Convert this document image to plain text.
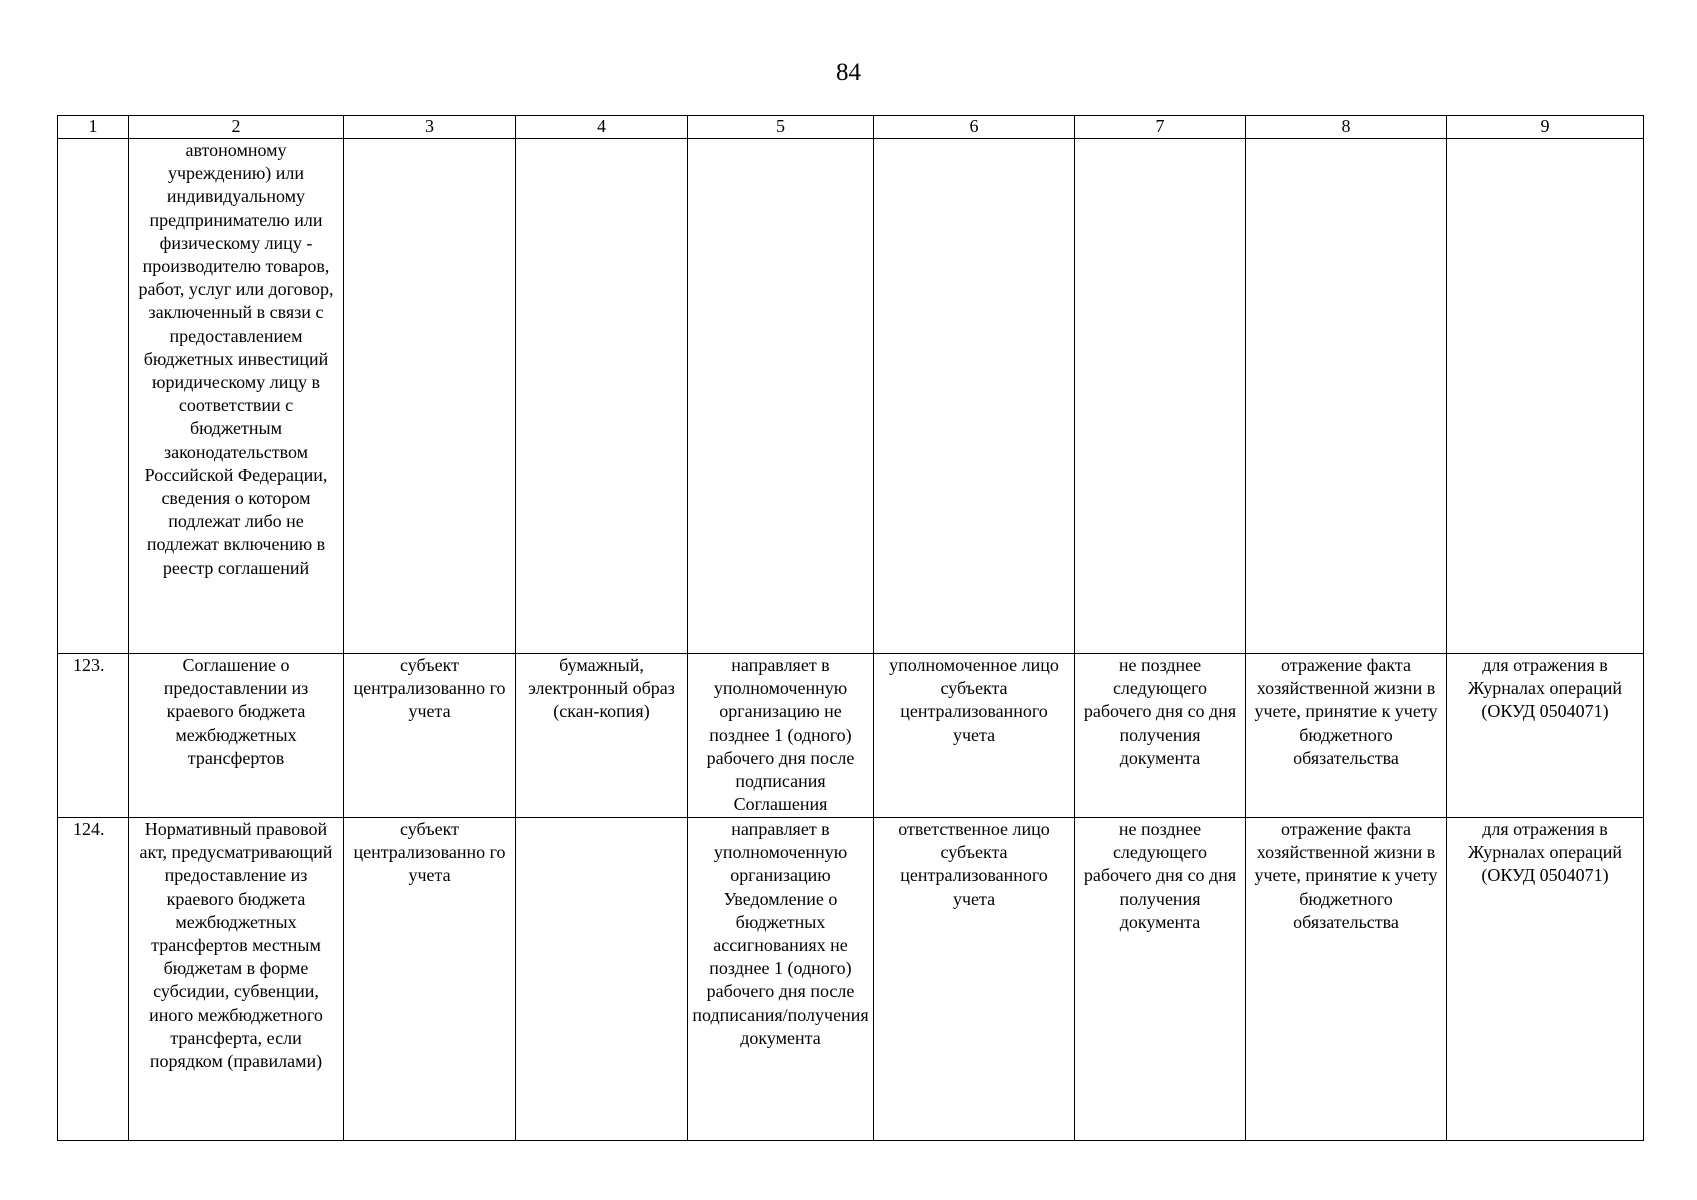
84
1	2	3	4	5	6	7	8	9
	автономному учреждению) или индивидуальному предпринимателю или физическому лицу - производителю товаров, работ, услуг или договор, заключенный в связи с предоставлением бюджетных инвестиций юридическому лицу в соответствии с бюджетным законодательством Российской Федерации, сведения о котором подлежат либо не подлежат включению в реестр соглашений							
123.	Соглашение о предоставлении из краевого бюджета межбюджетных трансфертов	субъект централизованно го учета	бумажный, электронный образ (скан-копия)	направляет в уполномоченную организацию не позднее 1 (одного) рабочего дня после подписания Соглашения	уполномоченное лицо субъекта централизованного учета	не позднее следующего рабочего дня со дня получения документа	отражение факта хозяйственной жизни в учете, принятие к учету бюджетного обязательства	для отражения в Журналах операций (ОКУД 0504071)
124.	Нормативный правовой акт, предусматривающий предоставление из краевого бюджета межбюджетных трансфертов местным бюджетам в форме субсидии, субвенции, иного межбюджетного трансферта, если порядком (правилами)	субъект централизованно го учета		направляет в уполномоченную организацию Уведомление о бюджетных ассигнованиях не позднее 1 (одного) рабочего дня после подписания/получения документа	ответственное лицо субъекта централизованного учета	не позднее следующего рабочего дня со дня получения документа	отражение факта хозяйственной жизни в учете, принятие к учету бюджетного обязательства	для отражения в Журналах операций (ОКУД 0504071)
